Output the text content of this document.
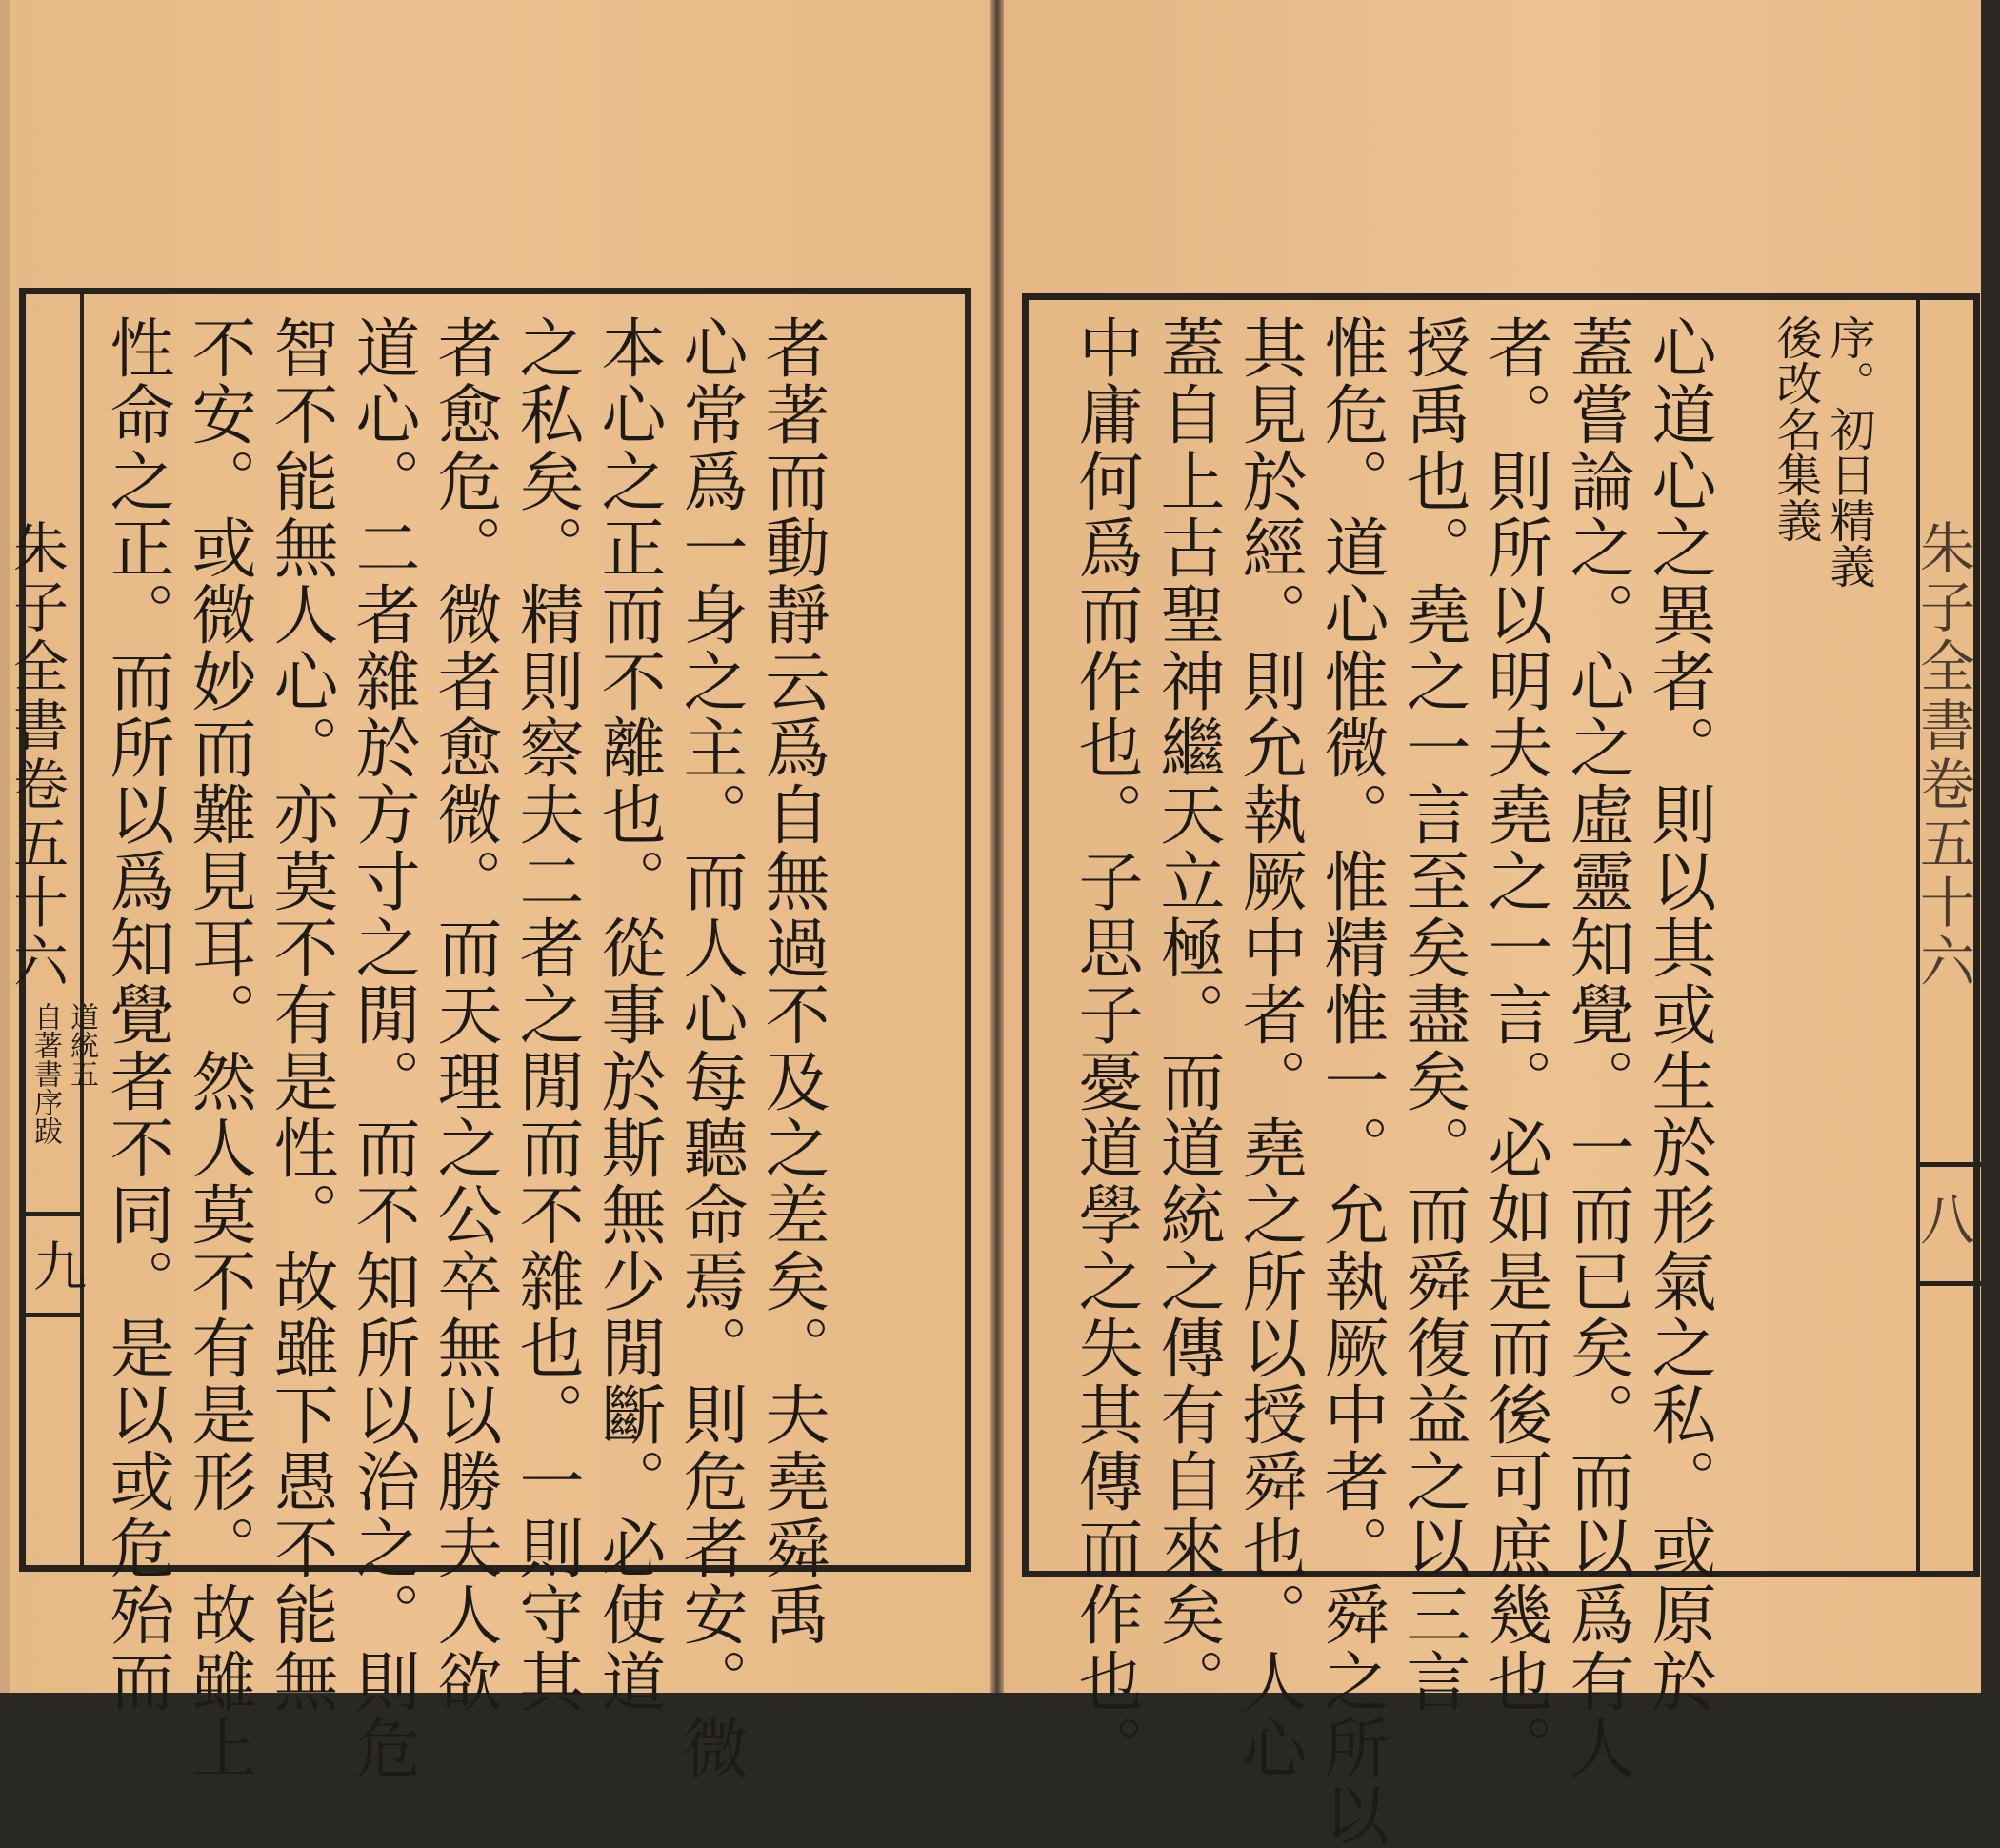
朱子全書卷五十六
道統五
自著書序跋
九
朱子全書卷五十六
八
者著而動靜云爲自無過不及之差矣。夫堯舜禹
心常爲一身之主。而人心每聽命焉。則危者安。微
本心之正而不離也。從事於斯無少閒斷。必使道
之私矣。精則察夫二者之閒而不雜也。一則守其
者愈危。微者愈微。而天理之公卒無以勝夫人欲
道心。二者雜於方寸之閒。而不知所以治之。則危
智不能無人心。亦莫不有是性。故雖下愚不能無
不安。或微妙而難見耳。然人莫不有是形。故雖上
性命之正。而所以爲知覺者不同。是以或危殆而	心道心之異者。則以其或生於形氣之私。或原於
蓋嘗論之。心之虛靈知覺。一而已矣。而以爲有人
者。則所以明夫堯之一言。必如是而後可庶幾也。
授禹也。堯之一言至矣盡矣。而舜復益之以三言
惟危。道心惟微。惟精惟一。允執厥中者。舜之所以
其見於經。則允執厥中者。堯之所以授舜也。人心
蓋自上古聖神繼天立極。而道統之傳有自來矣。
中庸何爲而作也。子思子憂道學之失其傳而作也。	序。初日精義
後改名集義
